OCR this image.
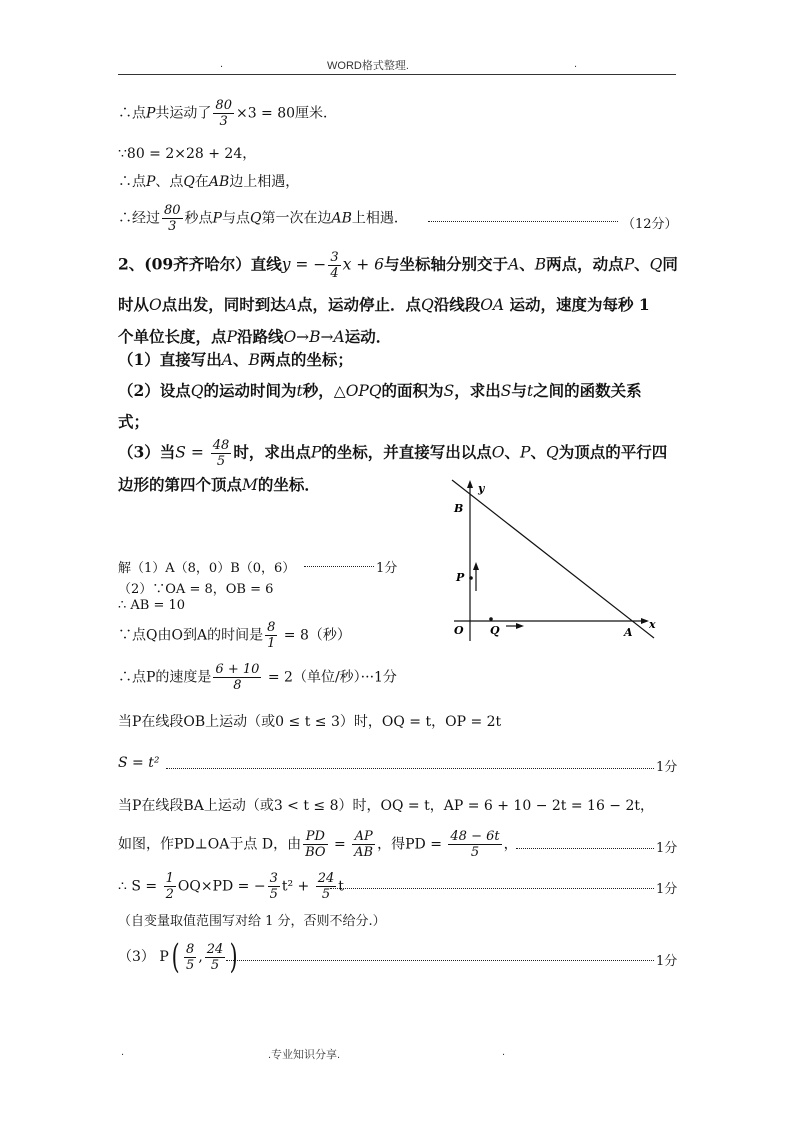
.	WORD格式整理.	.
∴点P共运动了 $\frac{80}{3} \times 3 = 80$厘米．
∵80 = 2×28 + 24，
∴点P、点Q在AB边上相遇，
∴经过 $\frac{80}{3}$ 秒点P与点Q第一次在边AB上相遇．	（12分）
2、(09齐齐哈尔）直线y = − $\frac{3}{4}$ x + 6与坐标轴分别交于A、B两点，动点P、Q同
时从O点出发，同时到达A点，运动停止．点Q沿线段OA 运动，速度为每秒 1
个单位长度，点P沿路线O→B→A运动．
（1）直接写出A、B两点的坐标；
（2）设点Q的运动时间为t秒，△OPQ的面积为S，求出S与t之间的函数关系
式；
（3）当$S = \frac{48}{5}$ 时，求出点P的坐标，并直接写出以点O、P、Q为顶点的平行四
边形的第四个顶点M的坐标．	y
x
B
P
O Q	A
解（1）A（8，0）B（0，6）	1分
（2）∵OA = 8，OB = 6
∴ AB = 10
∵点Q由O到A的时间是 $\frac{8}{1} = 8$（秒）
∴点P的速度是 $\frac{6 + 10}{8} = 2$（单位/秒）···1分
当P在线段OB上运动（或0 ≤ t ≤ 3）时，OQ = t，OP = 2t
S = t²	1分
当P在线段BA上运动（或3 < t ≤ 8）时，OQ = t，AP = 6 + 10 − 2t = 16 − 2t，
如图，作PD⊥OA于点 D，由 $\frac{PD}{BO} = \frac{AP}{AB}$ ，得PD = $\frac{48 - 6t}{5}$ ，	1分
∴ $S = \frac{1}{2} OQ\times PD$ = − $\frac{3}{5} t^2 + \frac{24}{5}$ t	1分
（自变量取值范围写对给 1 分，否则不给分.）
（3） $P( \frac{8}{5}$ , $\frac{24}{5}$ )	1分
.	.专业知识分享.	.
